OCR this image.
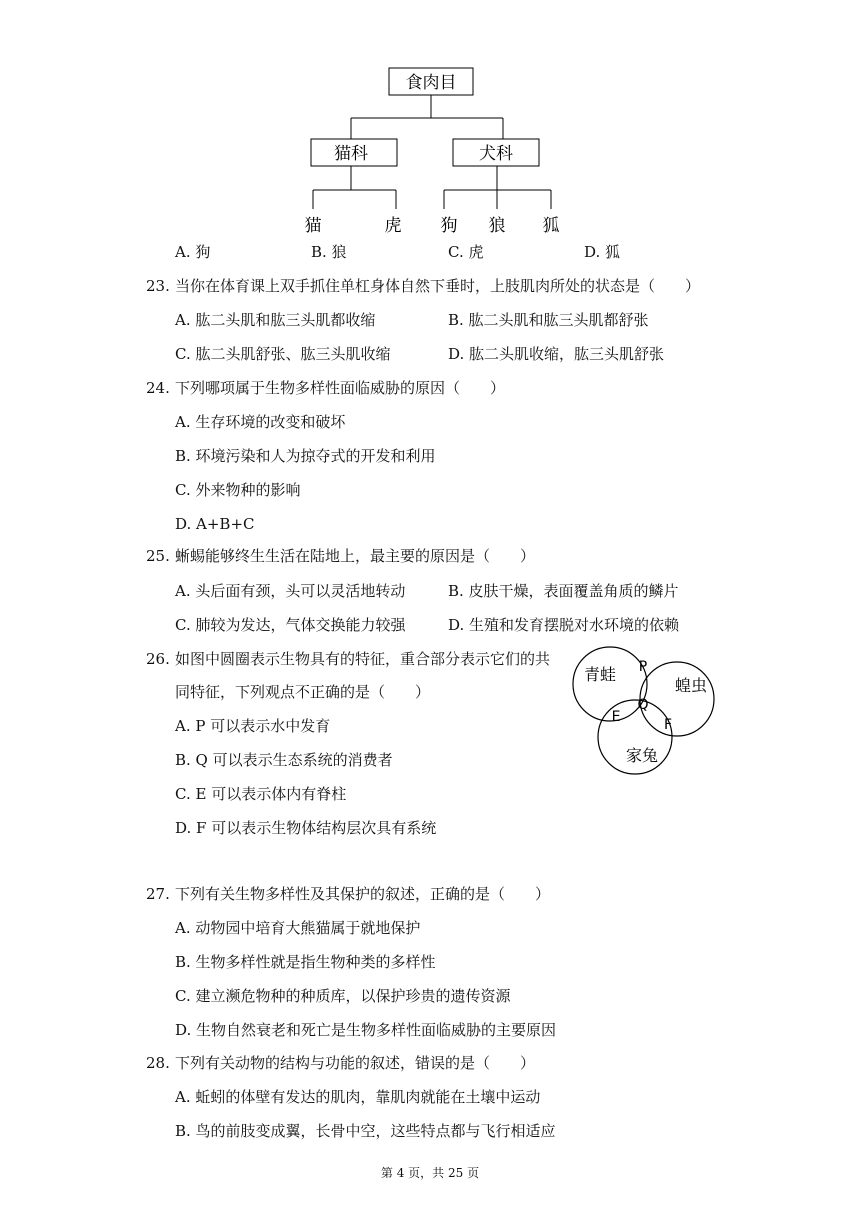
食肉目
猫科	犬科
猫	虎 狗 狼 狐
A. 狗	B. 狼	C. 虎	D. 狐
23. 当你在体育课上双手抓住单杠身体自然下垂时，上肢肌肉所处的状态是（　　）
A. 肱二头肌和肱三头肌都收缩	B. 肱二头肌和肱三头肌都舒张
C. 肱二头肌舒张、肱三头肌收缩	D. 肱二头肌收缩，肱三头肌舒张
24. 下列哪项属于生物多样性面临威胁的原因（　　）
A. 生存环境的改变和破坏
B. 环境污染和人为掠夺式的开发和利用
C. 外来物种的影响
D. A+B+C
25. 蜥蜴能够终生生活在陆地上，最主要的原因是（　　）
A. 头后面有颈，头可以灵活地转动	B. 皮肤干燥，表面覆盖角质的鳞片
C. 肺较为发达，气体交换能力较强	D. 生殖和发育摆脱对水环境的依赖
26. 如图中圆圈表示生物具有的特征，重合部分表示它们的共
同特征，下列观点不正确的是（　　）
A. P 可以表示水中发育
B. Q 可以表示生态系统的消费者
C. E 可以表示体内有脊柱
D. F 可以表示生物体结构层次具有系统
青蛙
蝗虫
家兔
P
Q
E	F
27. 下列有关生物多样性及其保护的叙述，正确的是（　　）
A. 动物园中培育大熊猫属于就地保护
B. 生物多样性就是指生物种类的多样性
C. 建立濒危物种的种质库，以保护珍贵的遗传资源
D. 生物自然衰老和死亡是生物多样性面临威胁的主要原因
28. 下列有关动物的结构与功能的叙述，错误的是（　　）
A. 蚯蚓的体壁有发达的肌肉，靠肌肉就能在土壤中运动
B. 鸟的前肢变成翼，长骨中空，这些特点都与飞行相适应
第 4 页，共 25 页
